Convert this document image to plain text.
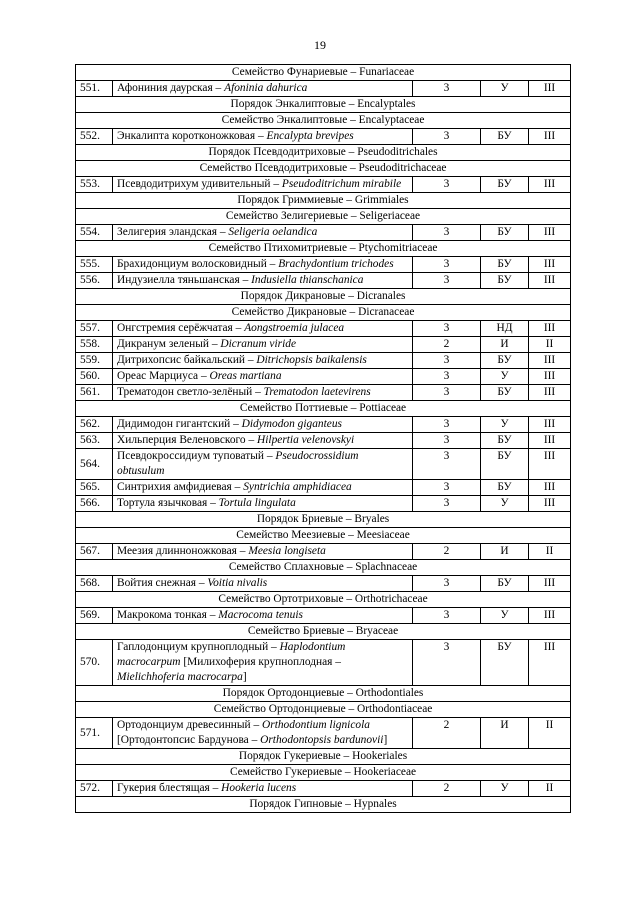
19
Семейство Фунариевые – Funariaceae				
551.	Афониния даурская – Afoninia dahurica	3	У	III
Порядок Энкалиптовые – Encalyptales				
Семейство Энкалиптовые – Encalyptaceae				
552.	Энкалипта коротконожковая – Encalypta brevipes	3	БУ	III
Порядок Псевдодитриховые – Pseudoditrichales				
Семейство Псевдодитриховые – Pseudoditrichaceae				
553.	Псевдодитрихум удивительный – Pseudoditrichum mirabile	3	БУ	III
Порядок Гриммиевые – Grimmiales				
Семейство Зелигериевые – Seligeriaceae				
554.	Зелигерия эландская – Seligeria oelandica	3	БУ	III
Семейство Птихомитриевые – Ptychomitriaceae				
555.	Брахидонциум волосковидный – Brachydontium trichodes	3	БУ	III
556.	Индузиелла тяньшанская – Indusiella thianschanica	3	БУ	III
Порядок Дикрановые – Dicranales				
Семейство Дикрановые – Dicranaceae				
557.	Онгстремия серёжчатая – Aongstroemia julacea	3	НД	III
558.	Дикранум зеленый – Dicranum viride	2	И	II
559.	Дитрихопсис байкальский – Ditrichopsis baikalensis	3	БУ	III
560.	Ореас Марциуса – Oreas martiana	3	У	III
561.	Трематодон светло-зелёный – Trematodon laetevirens	3	БУ	III
Семейство Поттиевые – Pottiaceae				
562.	Дидимодон гигантский – Didymodon giganteus	3	У	III
563.	Хильперция Веленовского – Hilpertia velenovskyi	3	БУ	III
564.	Псевдокроссидиум туповатый – Pseudocrossidium obtusulum	3	БУ	III
565.	Синтрихия амфидиевая – Syntrichia amphidiacea	3	БУ	III
566.	Тортула язычковая – Tortula lingulata	3	У	III
Порядок Бриевые – Bryales				
Семейство Меезиевые – Meesiaceae				
567.	Меезия длинноножковая – Meesia longiseta	2	И	II
Семейство Сплахновые – Splachnaceae				
568.	Войтия снежная – Voitia nivalis	3	БУ	III
Семейство Ортотриховые – Orthotrichaceae				
569.	Макрокома тонкая – Macrocoma tenuis	3	У	III
Семейство Бриевые – Bryaceae				
570.	Гаплодонциум крупноплодный – Haplodontium macrocarpum [Милихоферия крупноплодная – Mielichhoferia macrocarpa]	3	БУ	III
Порядок Ортодонциевые – Orthodontiales				
Семейство Ортодонциевые – Orthodontiaceae				
571.	Ортодонциум древесинный – Orthodontium lignicola [Ортодонтопсис Бардунова – Orthodontopsis bardunovii]	2	И	II
Порядок Гукериевые – Hookeriales				
Семейство Гукериевые – Hookeriaceae				
572.	Гукерия блестящая – Hookeria lucens	2	У	II
Порядок Гипновые – Hypnales				
